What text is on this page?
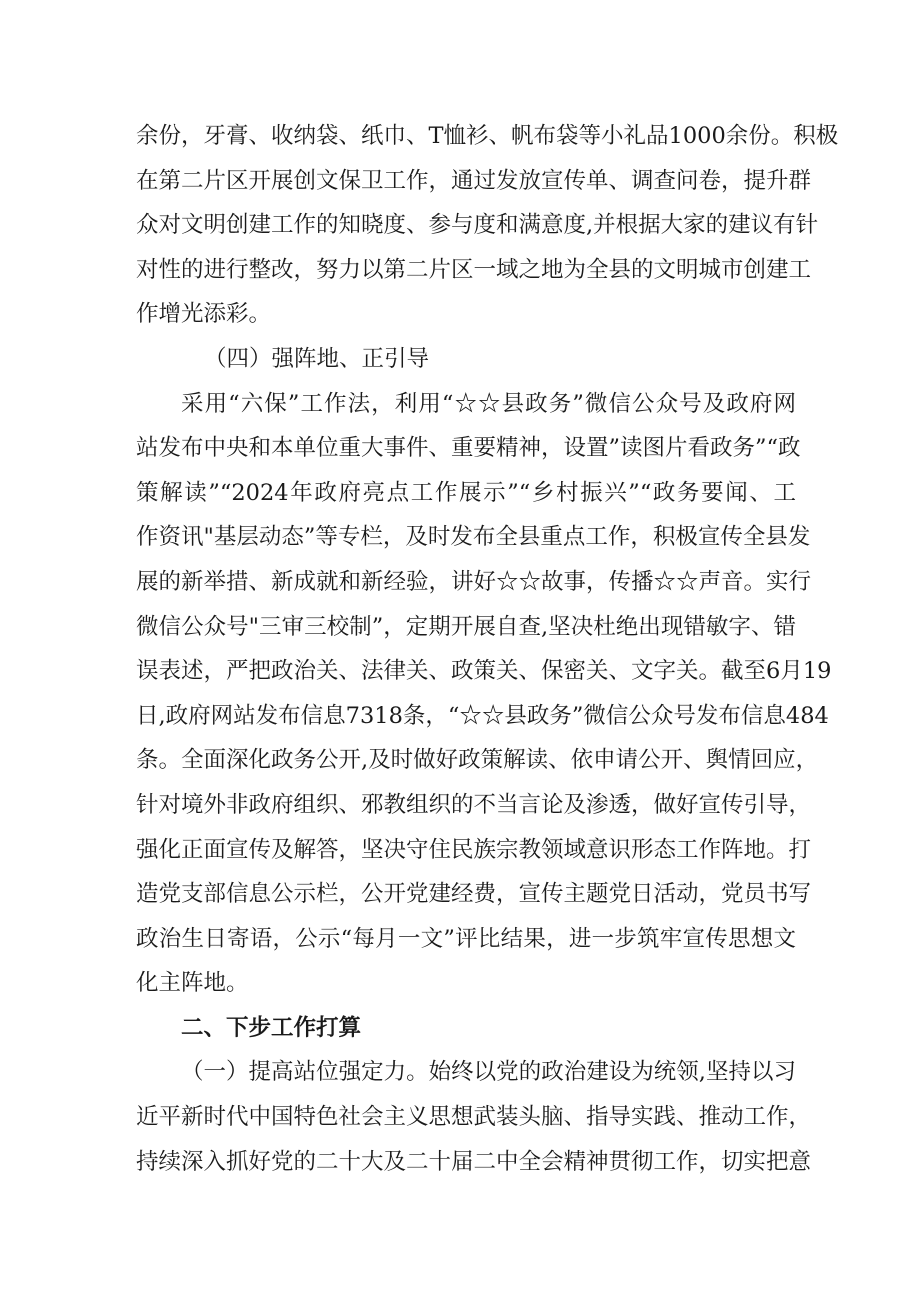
余份，牙膏、收纳袋、纸巾、T恤衫、帆布袋等小礼品1000余份。积极
在第二片区开展创文保卫工作，通过发放宣传单、调查问卷，提升群
众对文明创建工作的知晓度、参与度和满意度,并根据大家的建议有针
对性的进行整改，努力以第二片区一域之地为全县的文明城市创建工
作增光添彩。
（四）强阵地、正引导
采用“六保”工作法，利用“☆☆县政务”微信公众号及政府网
站发布中央和本单位重大事件、重要精神，设置”读图片看政务”“政
策解读”“2024年政府亮点工作展示”“乡村振兴”“政务要闻、工
作资讯"基层动态”等专栏，及时发布全县重点工作，积极宣传全县发
展的新举措、新成就和新经验，讲好☆☆故事，传播☆☆声音。实行
微信公众号"三审三校制”，定期开展自查,坚决杜绝出现错敏字、错
误表述，严把政治关、法律关、政策关、保密关、文字关。截至6月19
日,政府网站发布信息7318条，“☆☆县政务”微信公众号发布信息484
条。全面深化政务公开,及时做好政策解读、依申请公开、舆情回应，
针对境外非政府组织、邪教组织的不当言论及渗透，做好宣传引导，
强化正面宣传及解答，坚决守住民族宗教领域意识形态工作阵地。打
造党支部信息公示栏，公开党建经费，宣传主题党日活动，党员书写
政治生日寄语，公示“每月一文”评比结果，进一步筑牢宣传思想文
化主阵地。
二、下步工作打算
（一）提高站位强定力。始终以党的政治建设为统领,坚持以习
近平新时代中国特色社会主义思想武装头脑、指导实践、推动工作，
持续深入抓好党的二十大及二十届二中全会精神贯彻工作，切实把意
